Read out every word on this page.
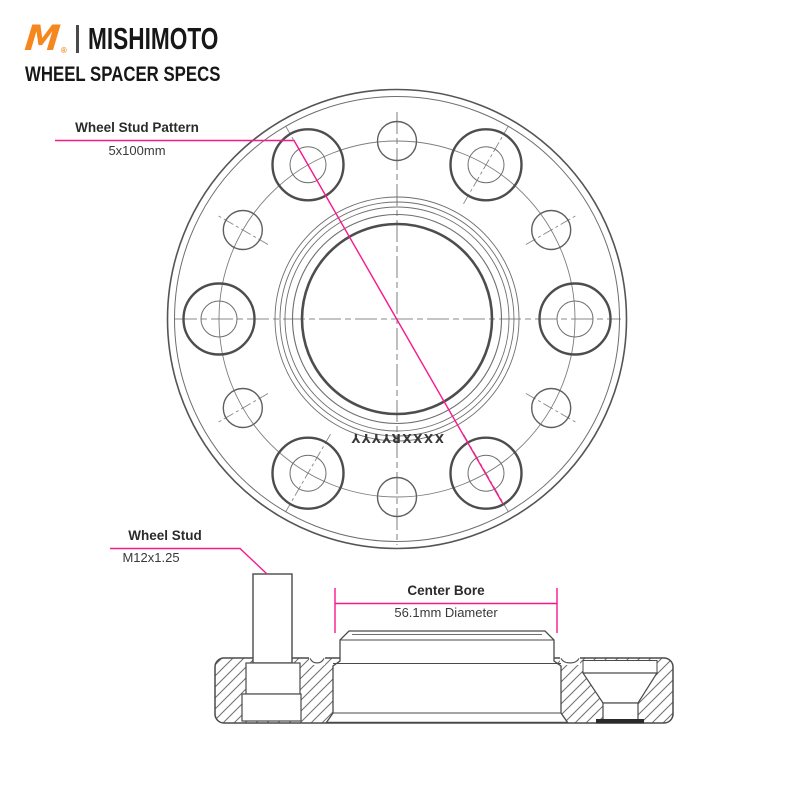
M
® MISHIMOTO
WHEEL SPACER SPECS
Wheel Stud Pattern
5x100mm
Wheel Stud
M12x1.25
Center Bore
56.1mm Diameter
XXXXRYYYY
